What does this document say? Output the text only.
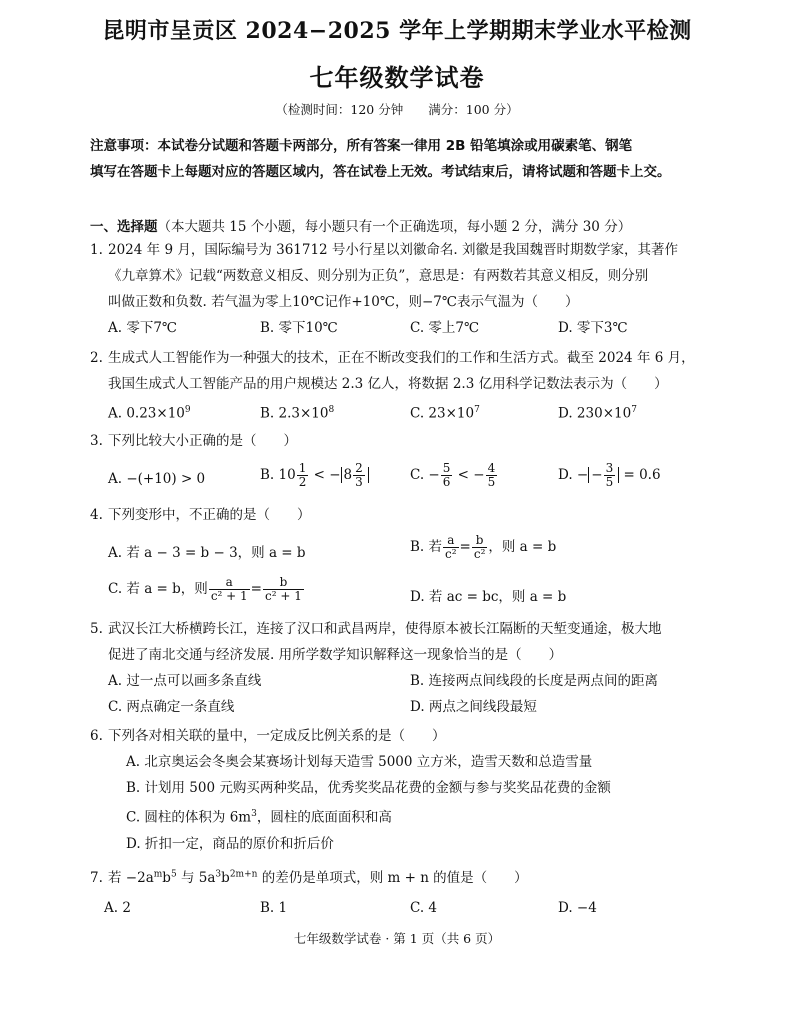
昆明市呈贡区 2024−2025 学年上学期期末学业水平检测
七年级数学试卷
（检测时间：120 分钟　　满分：100 分）
注意事项：本试卷分试题和答题卡两部分，所有答案一律用 2B 铅笔填涂或用碳素笔、钢笔
填写在答题卡上每题对应的答题区域内，答在试卷上无效。考试结束后，请将试题和答题卡上交。
一、选择题（本大题共 15 个小题，每小题只有一个正确选项，每小题 2 分，满分 30 分）
1. 2024 年 9 月，国际编号为 361712 号小行星以刘徽命名. 刘徽是我国魏晋时期数学家，其著作
《九章算术》记载“两数意义相反、则分别为正负”，意思是：有两数若其意义相反，则分别
叫做正数和负数. 若气温为零上10℃记作+10℃，则−7℃表示气温为（　　）
A. 零下7℃	B. 零下10℃	C. 零上7℃	D. 零下3℃
2. 生成式人工智能作为一种强大的技术，正在不断改变我们的工作和生活方式。截至 2024 年 6 月，
我国生成式人工智能产品的用户规模达 2.3 亿人，将数据 2.3 亿用科学记数法表示为（　　）
A. $0.23\times 10^9$	B. $2.3\times 10^8$	C. $23\times 10^7$	D. $230\times 10^7$
3. 下列比较大小正确的是（　　）
A. −(+10) > 0	B. $10 \frac{1}{2}$ < − $8 \frac{2}{3}$	C. − $\frac{5}{6}$ < − $\frac{4}{5}$	D. − − $\frac{3}{5} = 0.6$
4. 下列变形中，不正确的是（　　）
A. 若 a − 3 = b − 3，则 a = b	B. 若 $\frac{a}{\text{c²}} = \frac{b}{\text{c²}}$ ，则 a = b
C. 若 a = b，则 $\frac{a}{\text{c² + 1}} = \frac{b}{\text{c² + 1}}$	D. 若 ac = bc，则 a = b
5. 武汉长江大桥横跨长江，连接了汉口和武昌两岸，使得原本被长江隔断的天堑变通途，极大地
促进了南北交通与经济发展. 用所学数学知识解释这一现象恰当的是（　　）
A. 过一点可以画多条直线	B. 连接两点间线段的长度是两点间的距离
C. 两点确定一条直线	D. 两点之间线段最短
6. 下列各对相关联的量中，一定成反比例关系的是（　　）
A. 北京奥运会冬奥会某赛场计划每天造雪 5000 立方米，造雪天数和总造雪量
B. 计划用 500 元购买两种奖品，优秀奖奖品花费的金额与参与奖奖品花费的金额
C. 圆柱的体积为 $6m^3$，圆柱的底面面积和高
D. 折扣一定，商品的原价和折后价
7. 若 $-2a^mb^5$ 与 $5a^3b^{2m+n}$ 的差仍是单项式，则 m + n 的值是（　　）
A. 2	B. 1	C. 4	D. −4
七年级数学试卷 · 第 1 页（共 6 页）
